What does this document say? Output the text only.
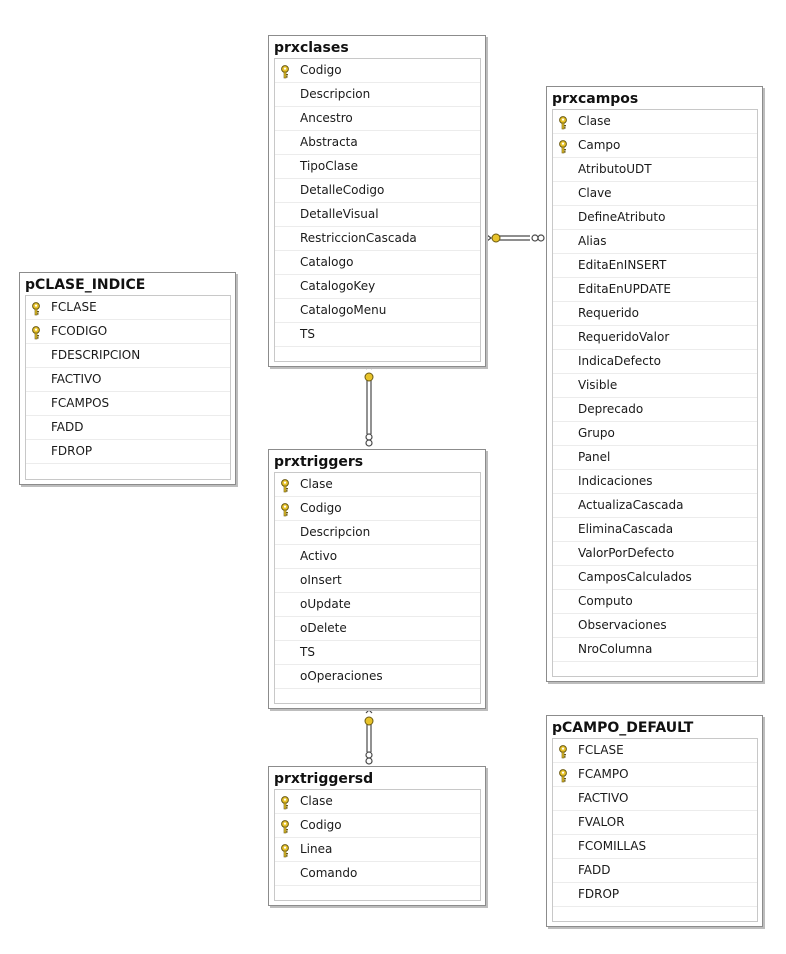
prxclases
Codigo
Descripcion
Ancestro
Abstracta
TipoClase
DetalleCodigo
DetalleVisual
RestriccionCascada
Catalogo
CatalogoKey
CatalogoMenu
TS
prxcampos
Clase
Campo
AtributoUDT
Clave
DefineAtributo
Alias
EditaEnINSERT
EditaEnUPDATE
Requerido
RequeridoValor
IndicaDefecto
Visible
Deprecado
Grupo
Panel
Indicaciones
ActualizaCascada
EliminaCascada
ValorPorDefecto
CamposCalculados
Computo
Observaciones
NroColumna
pCLASE_INDICE
FCLASE
FCODIGO
FDESCRIPCION
FACTIVO
FCAMPOS
FADD
FDROP
prxtriggers
Clase
Codigo
Descripcion
Activo
oInsert
oUpdate
oDelete
TS
oOperaciones
prxtriggersd
Clase
Codigo
Linea
Comando
pCAMPO_DEFAULT
FCLASE
FCAMPO
FACTIVO
FVALOR
FCOMILLAS
FADD
FDROP
